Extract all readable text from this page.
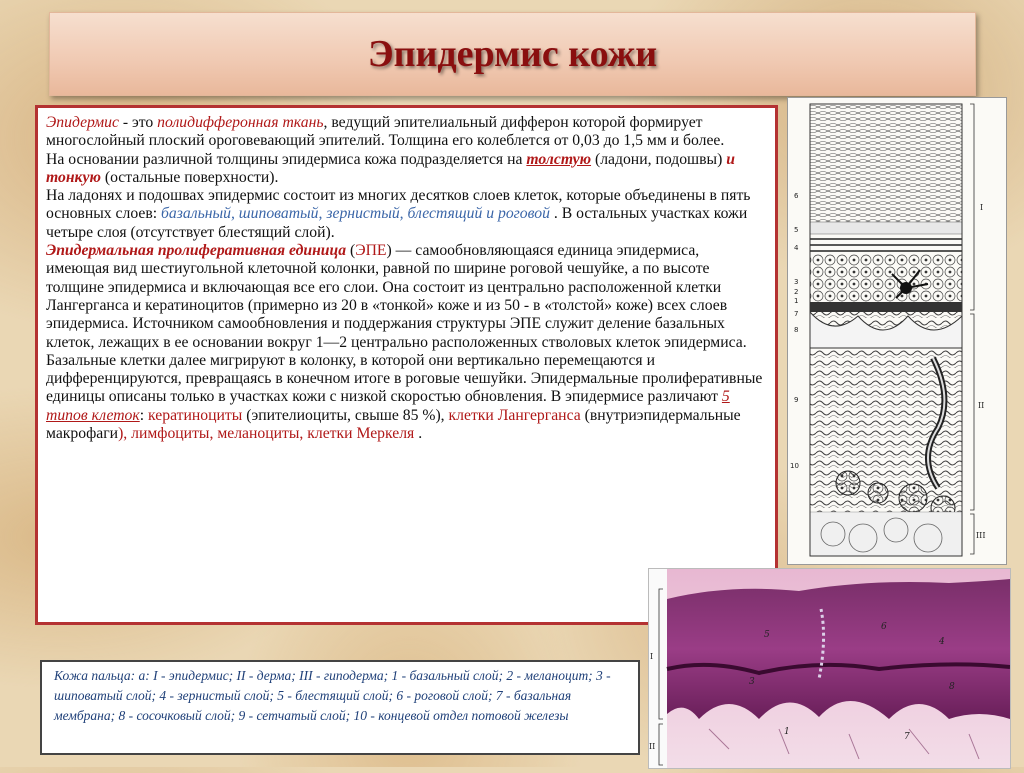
Эпидермис кожи

Эпидермис - это полидифферонная ткань, ведущий эпителиальный дифферон которой формирует многослойный плоский ороговевающий эпителий. Толщина его колеблется от 0,03 до 1,5 мм и более.

На основании различной толщины эпидермиса кожа подразделяется на толстую (ладони, подошвы) и тонкую (остальные поверхности).

На ладонях и подошвах эпидермис состоит из многих десятков слоев клеток, которые объединены в пять основных слоев: базальный, шиповатый, зернистый, блестящий и роговой . В остальных участках кожи четыре слоя (отсутствует блестящий слой).

Эпидермальная пролиферативная единица (ЭПЕ) — самообновляющаяся единица эпидермиса, имеющая вид шестиугольной клеточной колонки, равной по ширине роговой чешуйке, а по высоте толщине эпидермиса и включающая все его слои. Она состоит из центрально расположенной клетки Лангерганса и кератиноцитов (примерно из 20 в «тонкой» коже и из 50 - в «толстой» коже) всех слоев эпидермиса. Источником самообновления и поддержания структуры ЭПЕ служит деление базальных клеток, лежащих в ее основании вокруг 1—2 центрально расположенных стволовых клеток эпидермиса. Базальные клетки далее мигрируют в колонку, в которой они вертикально перемещаются и дифференцируются, превращаясь в конечном итоге в роговые чешуйки. Эпидермальные пролиферативные единицы описаны только в участках кожи с низкой скоростью обновления. В эпидермисе различают 5 типов клеток: кератиноциты (эпителиоциты, свыше 85 %), клетки Лангерганса (внутриэпидермальные макрофаги), лимфоциты, меланоциты, клетки Меркеля .

6
5
4
3
2
1
7
8
9
10
I
II
III
I
II
5
6
4
8
3
1	7
Кожа пальца: а: I - эпидермис; II - дерма; III - гиподерма; 1 - базальный слой; 2 - меланоцит; 3 - шиповатый слой; 4 - зернистый слой; 5 - блестящий слой; 6 - роговой слой; 7 - базальная мембрана; 8 - сосочковый слой; 9 - сетчатый слой; 10 - концевой отдел потовой железы
